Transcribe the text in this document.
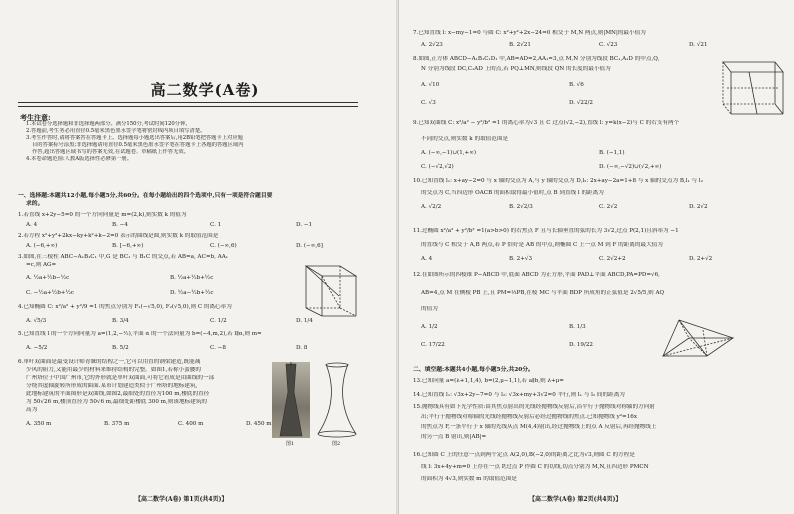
高二数学(A卷)
考生注意:
1.本试卷分选择题和非选择题两部分。满分150分,考试时间120分钟。
2.答题前,考生务必用直径0.5毫米黑色墨水签字笔将密封线内项目填写清楚。
3.考生作答时,请将答案答在答题卡上。选择题每小题选出答案后,用2B铅笔把答题卡上对应题
目的答案标号涂黑;非选择题请用直径0.5毫米黑色墨水签字笔在答题卡上各题的答题区域内
作答,超出答题区域书写的答案无效,在试题卷、草稿纸上作答无效。
4.本卷命题范围:人教A版选择性必修第一册。
一、选择题:本题共12小题,每小题5分,共60分。在每小题给出的四个选项中,只有一项是符合题目要
求的。
1.若直线 x+2y−5=0 的一个方向向量是 m=(2,k),则实数 k 的值为
A. 4	B. −4	C. 1	D. −1
2.若方程 x²+y²+2kx−ky+k²+k−2=0 表示的曲线是圆,则实数 k 的取值范围是
A. (−6,+∞)	B. [−6,+∞)	C. (−∞,6)	D. (−∞,6]
3.如图,在三棱柱 ABC−A₁B₁C₁ 中,G 是 BC₁ 与 B₁C 的交点,若 AB=a, AC=b, AA₁
=c,则 AG=
A. ½a+½b−½c	B. ½a+½b+½c
C. −½a+½b+½c	D. ½a−½b+½c
4.已知椭圆 C: x²/a² + y²/9 =1 的焦点分别为 F₁(−√5,0), F₂(√5,0),则 C 的离心率为
A. √5/3	B. 3/4	C. 1/2	D. 1/4
5.已知直线 l 的一个方向向量为 a=(1,2,−½),平面 α 的一个法向量为 b=(−4,m,2),若 l∥α,则 m=
A. −5/2	B. 5/2	C. −8	D. 8
6.单叶双曲面是最受设计师青睐的结构之一,它可以用直的钢梁建造,既能减
少风的阻力,又能用最少的材料来维持结构的完整。如图1,若称小蛮腰的
广州塔位于中国广州市,它的外形就是单叶双曲面,可将它看成是由曲线的一部
分绕其虚轴旋转所形成的曲面.某市计划建造类似于广州塔的地标建筑,
此地标建筑的平面图形是双曲线,如图2,最细处的直径为100 m,楼底的直径
为 50√26 m,楼顶直径为 50√6 m,最细处距楼底 300 m,则该地标建筑的
高为
图1	图2
A. 350 m	B. 375 m	C. 400 m	D. 450 m
【高二数学(A卷) 第1页(共4页)】
7.已知直线 l: x−my−1=0 与圆 C: x²+y²+2x−24=0 相交于 M,N 两点,则|MN|的最小值为
A. 2√23	B. 2√21	C. √23	D. √21
8.如图,正方体 ABCD−A₁B₁C₁D₁ 中,AB=AD=2,AA₁=3,点 M,N 分别为线段 BC₁,A₁D 的中点,Q,
N 分别为线段 DC,C₁AD 上的点,若 PQ⊥MN,则线段 QN 的长度的最小值为
A. √10	B. √6
C. √3	D. √22/2
9.已知双曲线 C: x²/a² − y²/b² =1 的离心率为√3 且 C 过点(√2,−2),直线 l: y=k(x−2)与 C 的右支有两个
不同的交点,则实数 k 的取值范围是
A. (−∞,−1)∪(1,+∞)	B. (−1,1)
C. (−√2,√2)	D. (−∞,−√2)∪(√2,+∞)
10.已知直线 l₁: x+ay−2=0 与 x 轴的交点为 A,与 y 轴的交点为 D,l₂: 2x+ay−2a=1+8 与 x 轴的交点为 B,l₁ 与 l₂
的交点为 C,当四边形 OACB 的面积取得最小值时,点 B 到直线 l 的距离为
A. √2/2	B. 2√2/3	C. 2√2	D. 2√2
11.过椭圆 x²/a² + y²/b² =1(a>b>0) 的右焦点 F 且与长轴垂直的弦的长为 3√2,过点 P(2,1)且斜率为 −1
的直线与 C 相交于 A,B 两点,若 P 恰好是 AB 的中点,则椭圆 C 上一点 M 到 F 的距离的最大值为
A. 4	B. 2+√3	C. 2√2+2	D. 2+√2
12.在如图所示的四棱锥 P−ABCD 中,底面 ABCD 为正方形,平面 PAD⊥平面 ABCD,PA=PD=√6,
AB=4,点 M 在侧棱 PB 上,且 PM=⅓PB,在棱 MC 与平面 BDP 所成角的正弦值是 2√5/5,则 AQ
的值为
A. 1/2	B. 1/3
C. 17/22	D. 19/22
二、填空题:本题共4小题,每小题5分,共20分。
13.已知向量 a=(λ+1,1,4), b=(2,μ−1,1),若 a∥b,则 λ+μ=
14.已知直线 l₁: √3x+2y−7=0 与 l₂: √3x+my+3√2=0 平行,则 l₁ 与 l₂ 间的距离为
15.抛物线具有如下光学性质:由其焦点射出的光线经抛物线反射后,沿平行于抛物线对称轴的方向射
出;平行于抛物线对称轴的光线经抛物线反射后必经过抛物线的焦点.已知抛物线 y²=16x
的焦点为 F,一条平行于 x 轴的光线从点 M(4,4)射出,经过抛物线上的点 A 反射后,再经抛物线上
的另一点 B 射出,则|AB|=
16.已知圆 C 上的任意一点到两个定点 A(2,0),B(−2,0)的距离之比为√3,则圆 C 的方程是
线 l: 3x+4y+m=0 上存在一点 P,过点 P 作圆 C 的切线,切点分别为 M,N,且四边形 PMCN
的面积为 4√3,则实数 m 的取值范围是
【高二数学(A卷) 第2页(共4页)】
